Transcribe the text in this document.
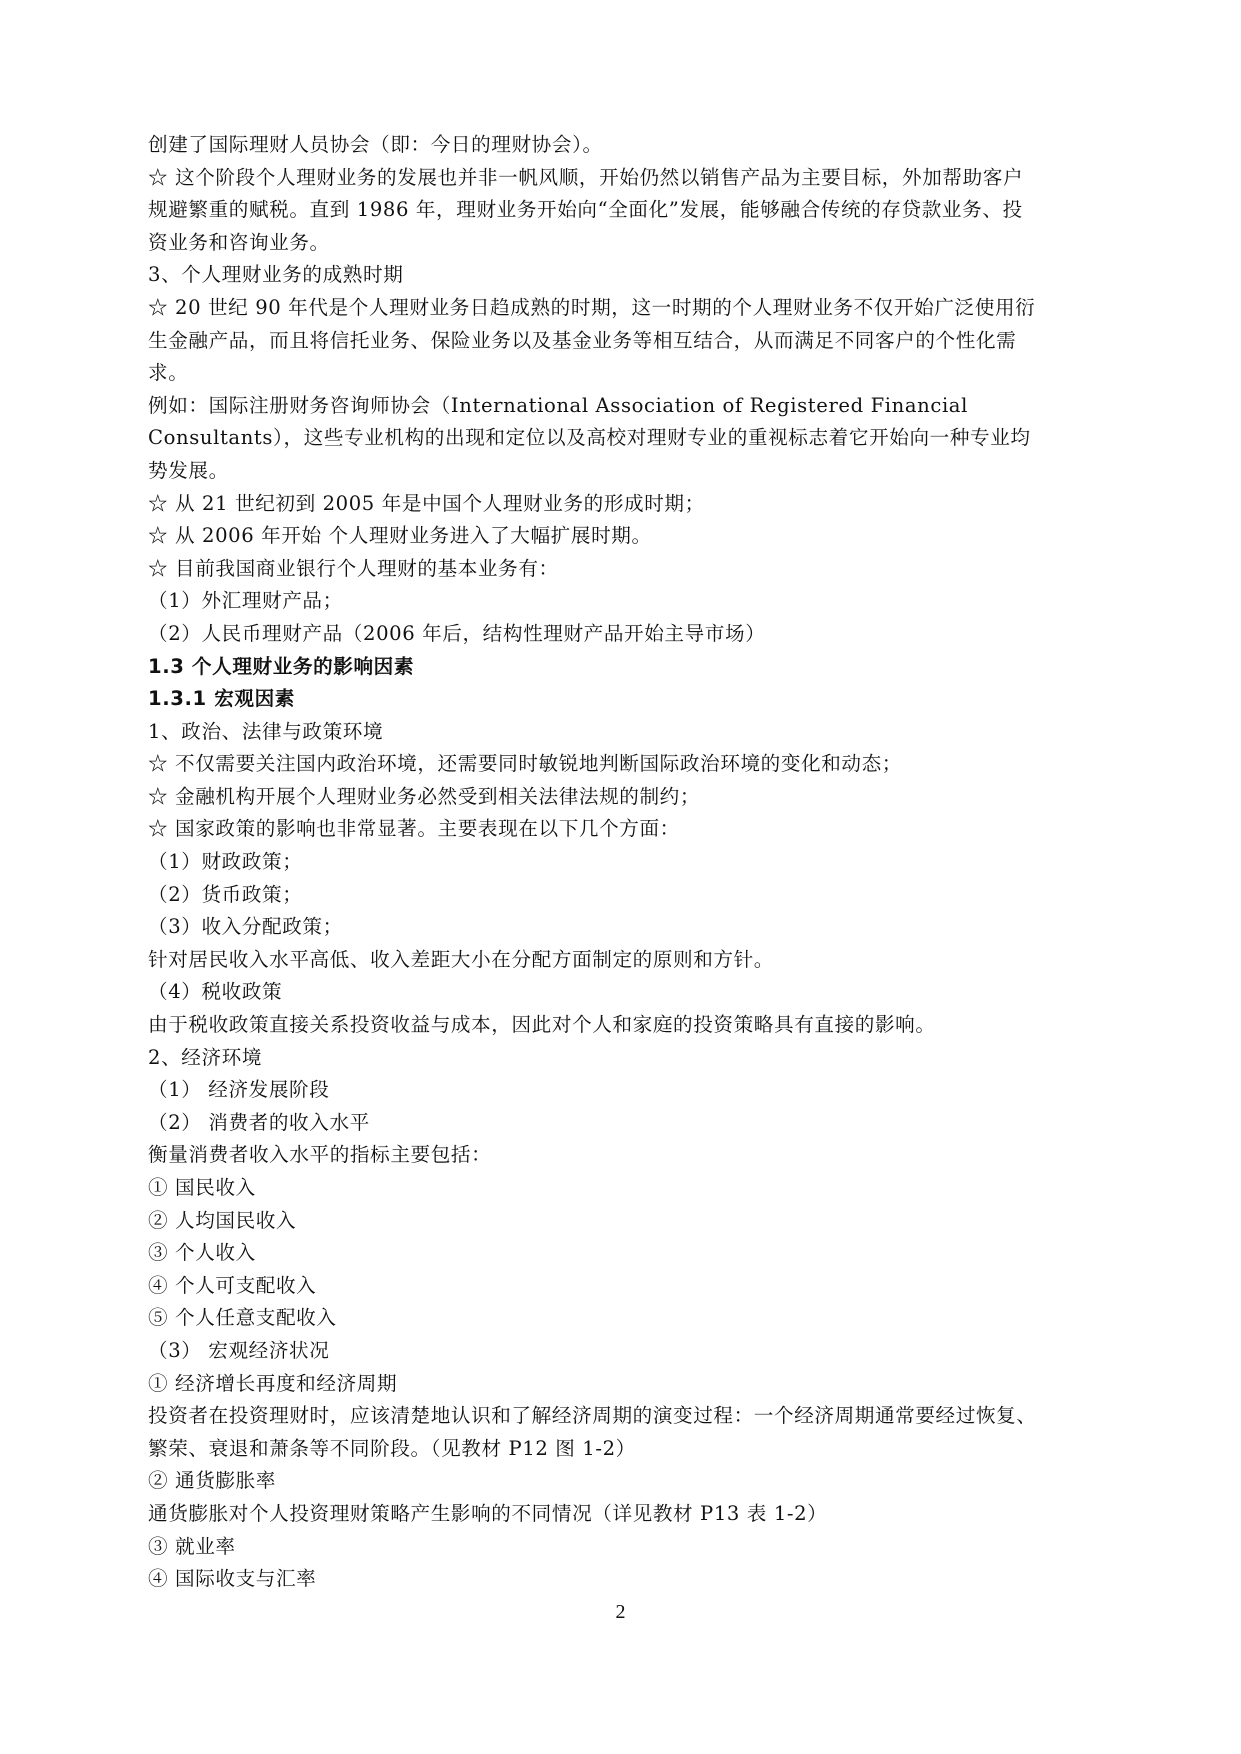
创建了国际理财人员协会（即：今日的理财协会）。
☆ 这个阶段个人理财业务的发展也并非一帆风顺，开始仍然以销售产品为主要目标，外加帮助客户
规避繁重的赋税。直到 1986 年，理财业务开始向“全面化”发展，能够融合传统的存贷款业务、投
资业务和咨询业务。
3、个人理财业务的成熟时期
☆ 20 世纪 90 年代是个人理财业务日趋成熟的时期，这一时期的个人理财业务不仅开始广泛使用衍
生金融产品，而且将信托业务、保险业务以及基金业务等相互结合，从而满足不同客户的个性化需
求。
例如：国际注册财务咨询师协会（International Association of Registered Financial
Consultants），这些专业机构的出现和定位以及高校对理财专业的重视标志着它开始向一种专业均
势发展。
☆ 从 21 世纪初到 2005 年是中国个人理财业务的形成时期；
☆ 从 2006 年开始 个人理财业务进入了大幅扩展时期。
☆ 目前我国商业银行个人理财的基本业务有：
（1）外汇理财产品；
（2）人民币理财产品（2006 年后，结构性理财产品开始主导市场）
1.3 个人理财业务的影响因素
1.3.1 宏观因素
1、政治、法律与政策环境
☆ 不仅需要关注国内政治环境，还需要同时敏锐地判断国际政治环境的变化和动态；
☆ 金融机构开展个人理财业务必然受到相关法律法规的制约；
☆ 国家政策的影响也非常显著。主要表现在以下几个方面：
（1）财政政策；
（2）货币政策；
（3）收入分配政策；
针对居民收入水平高低、收入差距大小在分配方面制定的原则和方针。
（4）税收政策
由于税收政策直接关系投资收益与成本，因此对个人和家庭的投资策略具有直接的影响。
2、经济环境
（1） 经济发展阶段
（2） 消费者的收入水平
衡量消费者收入水平的指标主要包括：
① 国民收入
② 人均国民收入
③ 个人收入
④ 个人可支配收入
⑤ 个人任意支配收入
（3） 宏观经济状况
① 经济增长再度和经济周期
投资者在投资理财时，应该清楚地认识和了解经济周期的演变过程：一个经济周期通常要经过恢复、
繁荣、衰退和萧条等不同阶段。（见教材 P12 图 1-2）
② 通货膨胀率
通货膨胀对个人投资理财策略产生影响的不同情况（详见教材 P13 表 1-2）
③ 就业率
④ 国际收支与汇率
2
